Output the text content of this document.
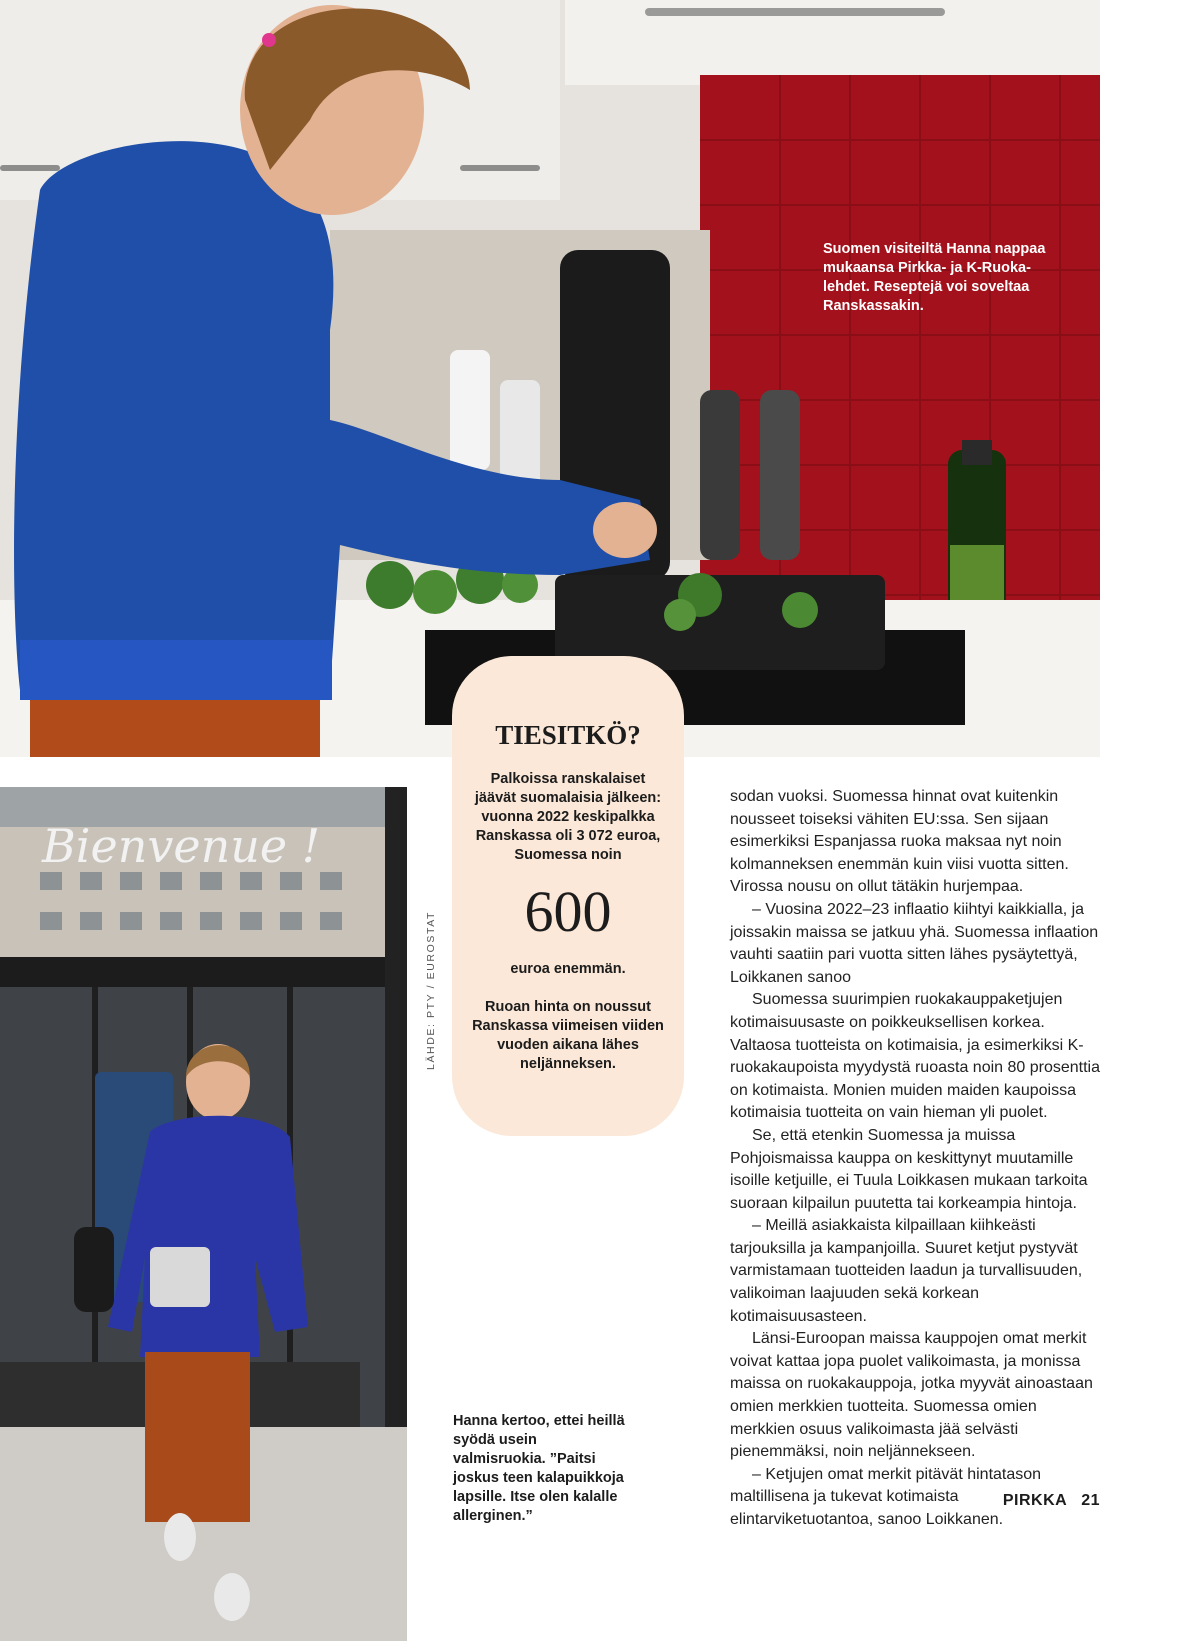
Suomen visiteiltä Hanna nappaa mukaansa Pirkka- ja K-Ruoka-lehdet. Reseptejä voi soveltaa Ranskassakin.
Bienvenue !
LÄHDE: PTY / EUROSTAT
TIESITKÖ?
Palkoissa ranskalaiset jäävät suomalaisia jälkeen: vuonna 2022 keskipalkka Ranskassa oli 3 072 euroa, Suomessa noin
600
euroa enemmän.
Ruoan hinta on noussut Ranskassa viimeisen viiden vuoden aikana lähes neljänneksen.
Hanna kertoo, ettei heillä syödä usein valmisruokia. ”Paitsi joskus teen kalapuikkoja lapsille. Itse olen kalalle allerginen.”

sodan vuoksi. Suomessa hinnat ovat kuitenkin nousseet toiseksi vähiten EU:ssa. Sen sijaan esimerkiksi Espanjassa ruoka maksaa nyt noin kolmanneksen enemmän kuin viisi vuotta sitten. Virossa nousu on ollut tätäkin hurjempaa.

– Vuosina 2022–23 inflaatio kiihtyi kaikkialla, ja joissakin maissa se jatkuu yhä. Suomessa inflaation vauhti saatiin pari vuotta sitten lähes pysäytettyä, Loikkanen sanoo

Suomessa suurimpien ruokakauppaketjujen kotimaisuusaste on poikkeuksellisen korkea. Valtaosa tuotteista on kotimaisia, ja esimerkiksi K-ruokakaupoista myydystä ruoasta noin 80 prosenttia on kotimaista. Monien muiden maiden kaupoissa kotimaisia tuotteita on vain hieman yli puolet.

Se, että etenkin Suomessa ja muissa Pohjoismaissa kauppa on keskittynyt muutamille isoille ketjuille, ei Tuula Loikkasen mukaan tarkoita suoraan kilpailun puutetta tai korkeampia hintoja.

– Meillä asiakkaista kilpaillaan kiihkeästi tarjouksilla ja kampanjoilla. Suuret ketjut pystyvät varmistamaan tuotteiden laadun ja turvallisuuden, valikoiman laajuuden sekä korkean kotimaisuusasteen.

Länsi-Euroopan maissa kauppojen omat merkit voivat kattaa jopa puolet valikoimasta, ja monissa maissa on ruokakauppoja, jotka myyvät ainoastaan omien merkkien tuotteita. Suomessa omien merkkien osuus valikoimasta jää selvästi pienemmäksi, noin neljännekseen.

– Ketjujen omat merkit pitävät hintatason maltillisena ja tukevat kotimaista elintarviketuotantoa, sanoo Loikkanen.

PIRKKA 21
